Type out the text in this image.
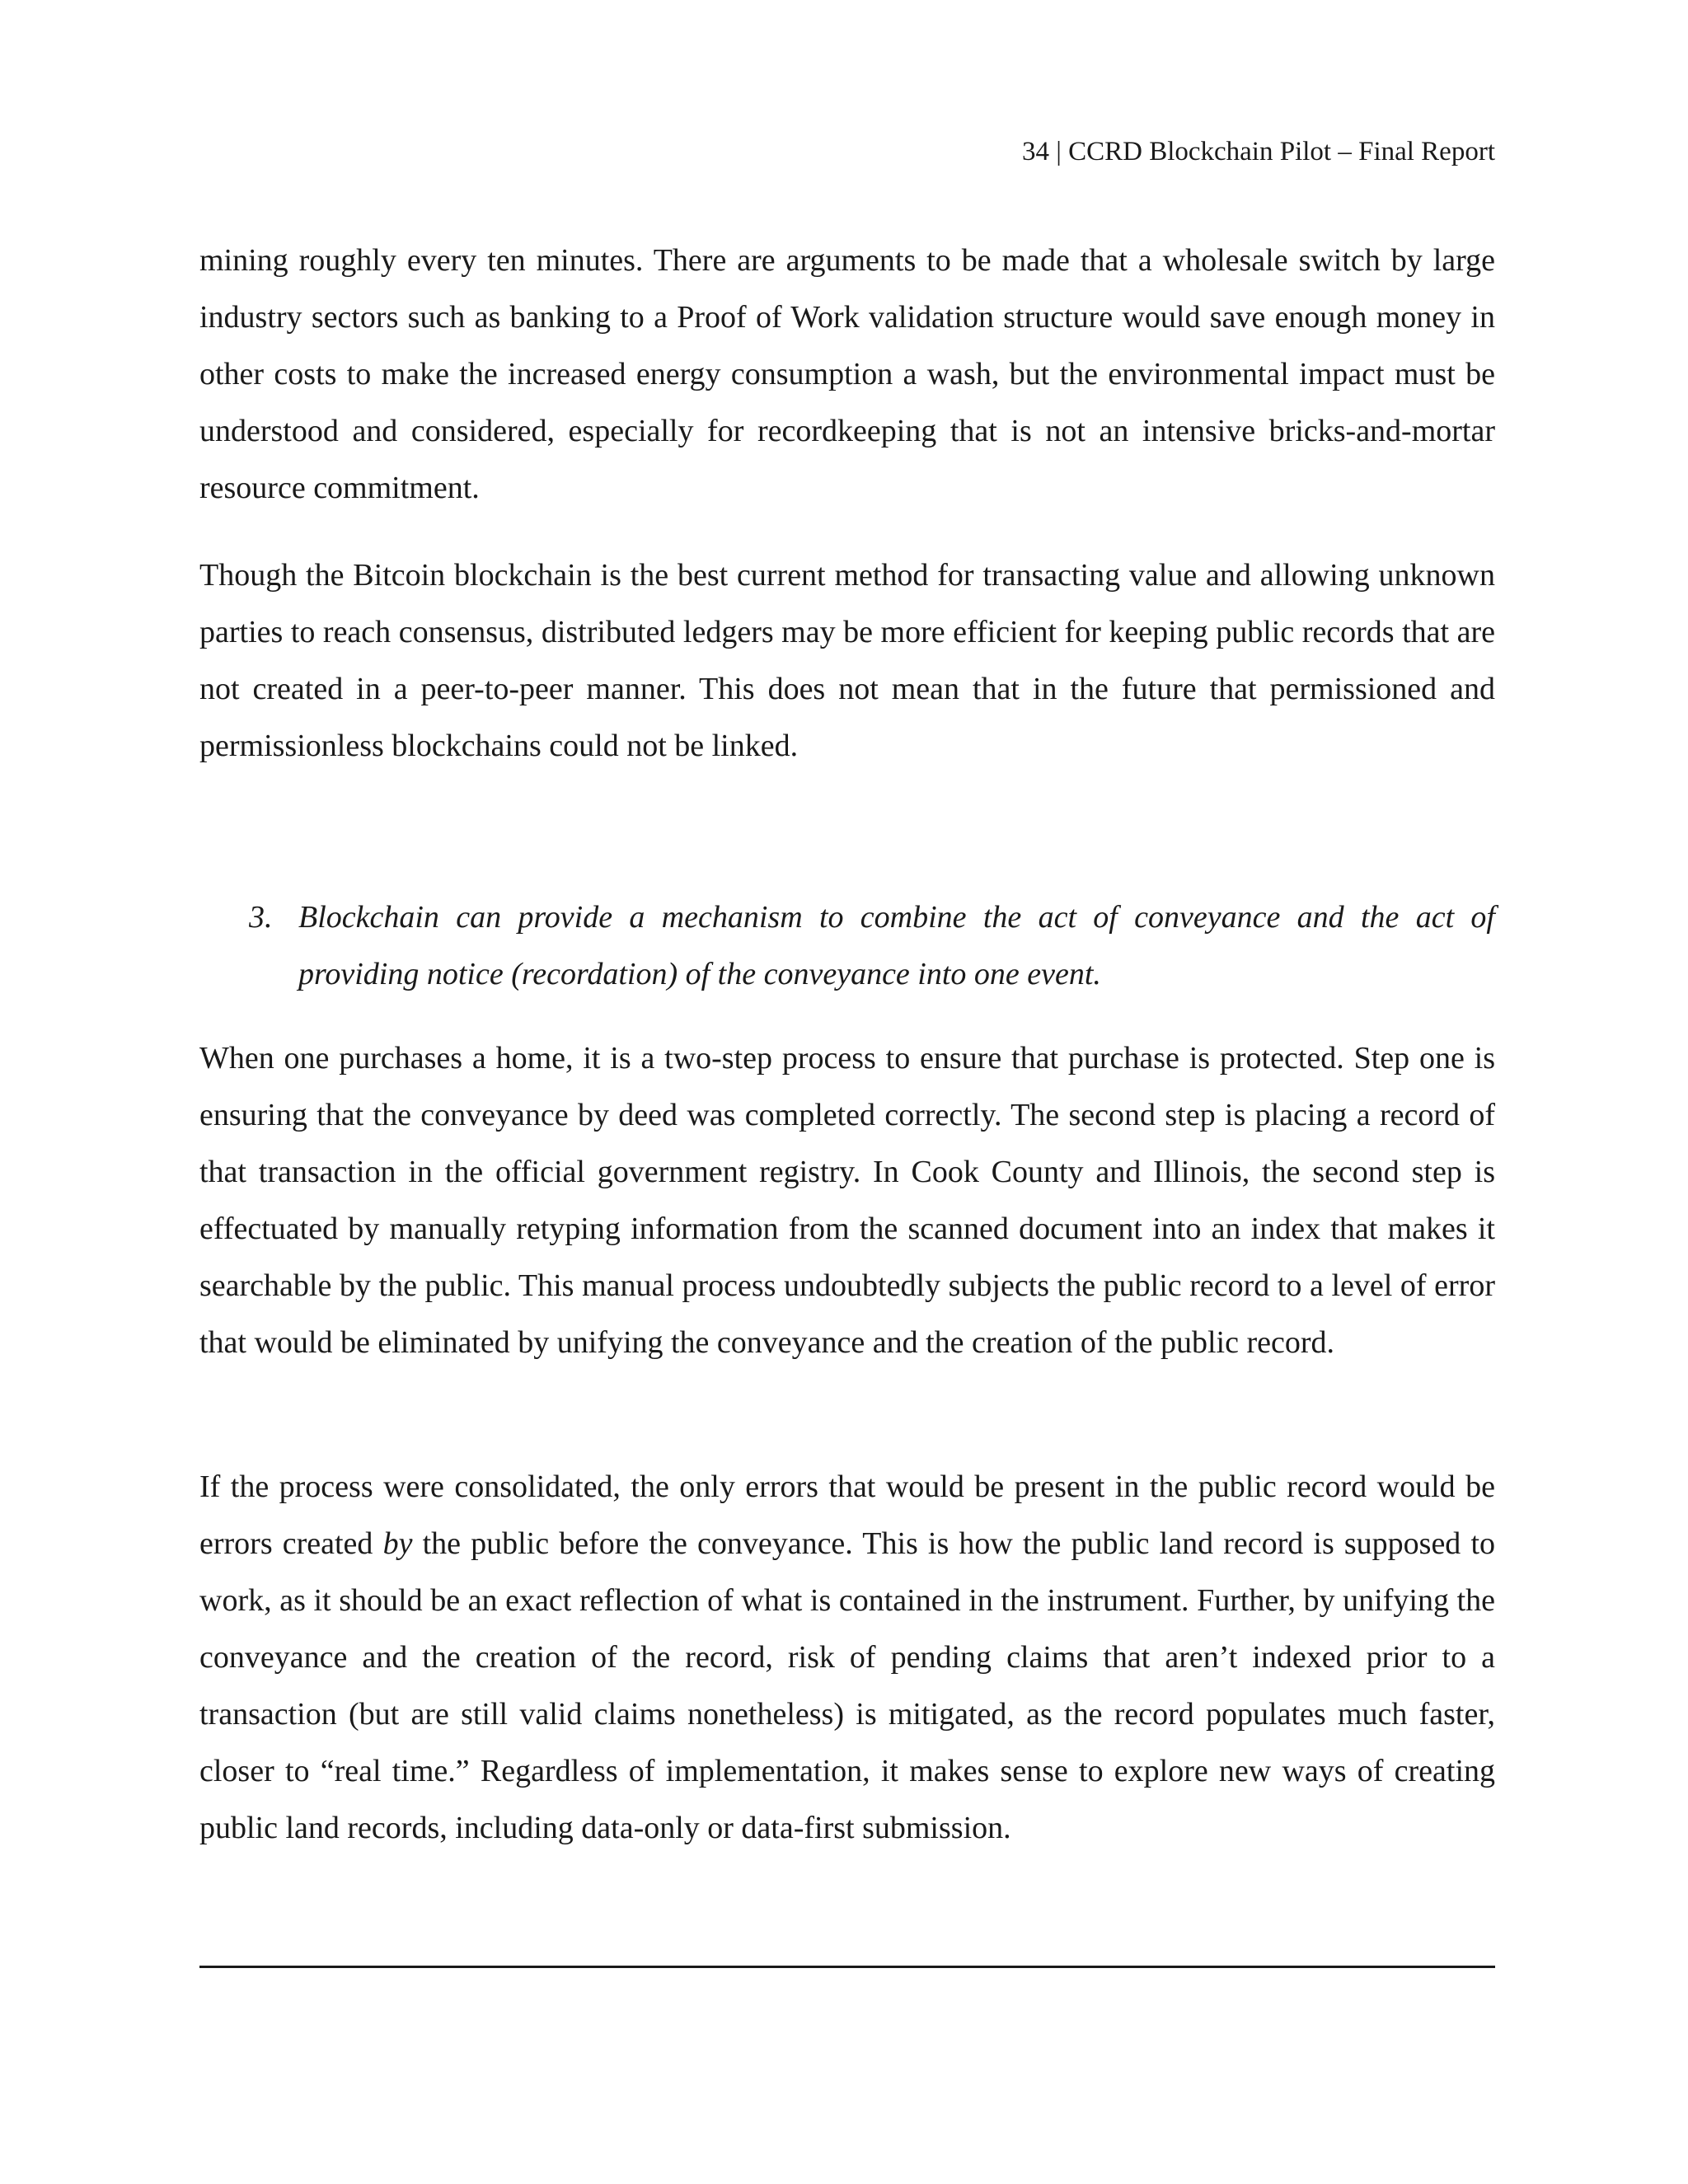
34 | CCRD Blockchain Pilot – Final Report

mining roughly every ten minutes. There are arguments to be made that a wholesale switch by large industry sectors such as banking to a Proof of Work validation structure would save enough money in other costs to make the increased energy consumption a wash, but the environmental impact must be understood and considered, especially for recordkeeping that is not an intensive bricks-and-mortar resource commitment.

Though the Bitcoin blockchain is the best current method for transacting value and allowing unknown parties to reach consensus, distributed ledgers may be more efficient for keeping public records that are not created in a peer-to-peer manner. This does not mean that in the future that permissioned and permissionless blockchains could not be linked.

3. Blockchain can provide a mechanism to combine the act of conveyance and the act of providing notice (recordation) of the conveyance into one event.

When one purchases a home, it is a two-step process to ensure that purchase is protected. Step one is ensuring that the conveyance by deed was completed correctly. The second step is placing a record of that transaction in the official government registry. In Cook County and Illinois, the second step is effectuated by manually retyping information from the scanned document into an index that makes it searchable by the public. This manual process undoubtedly subjects the public record to a level of error that would be eliminated by unifying the conveyance and the creation of the public record.

If the process were consolidated, the only errors that would be present in the public record would be errors created by the public before the conveyance. This is how the public land record is supposed to work, as it should be an exact reflection of what is contained in the instrument. Further, by unifying the conveyance and the creation of the record, risk of pending claims that aren’t indexed prior to a transaction (but are still valid claims nonetheless) is mitigated, as the record populates much faster, closer to “real time.” Regardless of implementation, it makes sense to explore new ways of creating public land records, including data-only or data-first submission.
